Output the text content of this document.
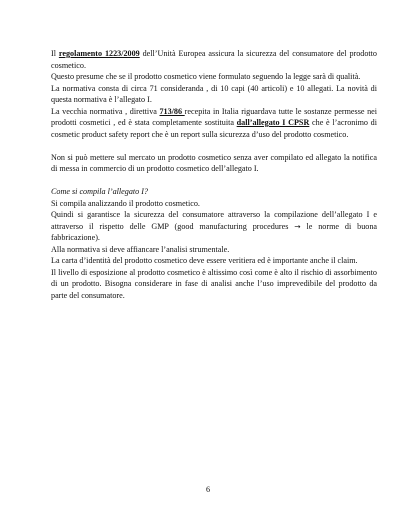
Il regolamento 1223/2009 dell’Unità Europea assicura la sicurezza del consumatore del prodotto cosmetico.

Questo presume che se il prodotto cosmetico viene formulato seguendo la legge sarà di qualità.

La normativa consta di circa 71 consideranda , di 10 capi (40 articoli) e 10 allegati. La novità di questa normativa è l’allegato I.

La vecchia normativa , direttiva 713/86 recepita in Italia riguardava tutte le sostanze permesse nei prodotti cosmetici , ed è stata completamente sostituita dall’allegato I CPSR che è l’acronimo di cosmetic product safety report che è un report sulla sicurezza d’uso del prodotto cosmetico.

Non si può mettere sul mercato un prodotto cosmetico senza aver compilato ed allegato la notifica di messa in commercio di un prodotto cosmetico dell’allegato I.

Come si compila l’allegato I?

Si compila analizzando il prodotto cosmetico.

Quindi si garantisce la sicurezza del consumatore attraverso la compilazione dell’allegato I e attraverso il rispetto delle GMP (good manufacturing procedures → le norme di buona fabbricazione).

Alla normativa si deve affiancare l’analisi strumentale.

La carta d’identità del prodotto cosmetico deve essere veritiera ed è importante anche il claim.

Il livello di esposizione al prodotto cosmetico è altissimo così come è alto il rischio di assorbimento di un prodotto. Bisogna considerare in fase di analisi anche l’uso imprevedibile del prodotto da parte del consumatore.

6
